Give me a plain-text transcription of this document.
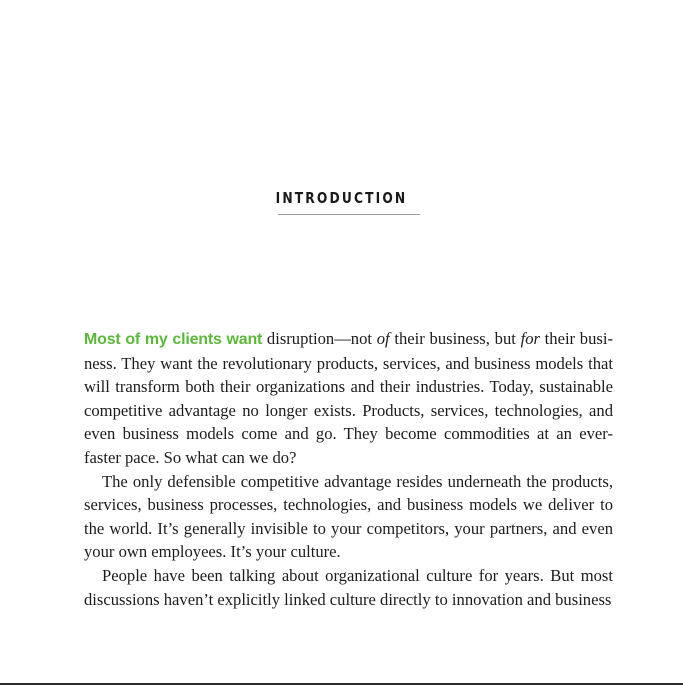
INTRODUCTION

Most of my clients want disruption—not of their business, but for their busi-ness. They want the revolutionary products, services, and business models that will transform both their organizations and their industries. Today, sustainable competitive advantage no longer exists. Products, services, technologies, and even business models come and go. They become commodities at an ever-faster pace. So what can we do?

The only defensible competitive advantage resides underneath the products, services, business processes, technologies, and business models we deliver to the world. It’s generally invisible to your competitors, your partners, and even your own employees. It’s your culture.

People have been talking about organizational culture for years. But most discussions haven’t explicitly linked culture directly to innovation and business
